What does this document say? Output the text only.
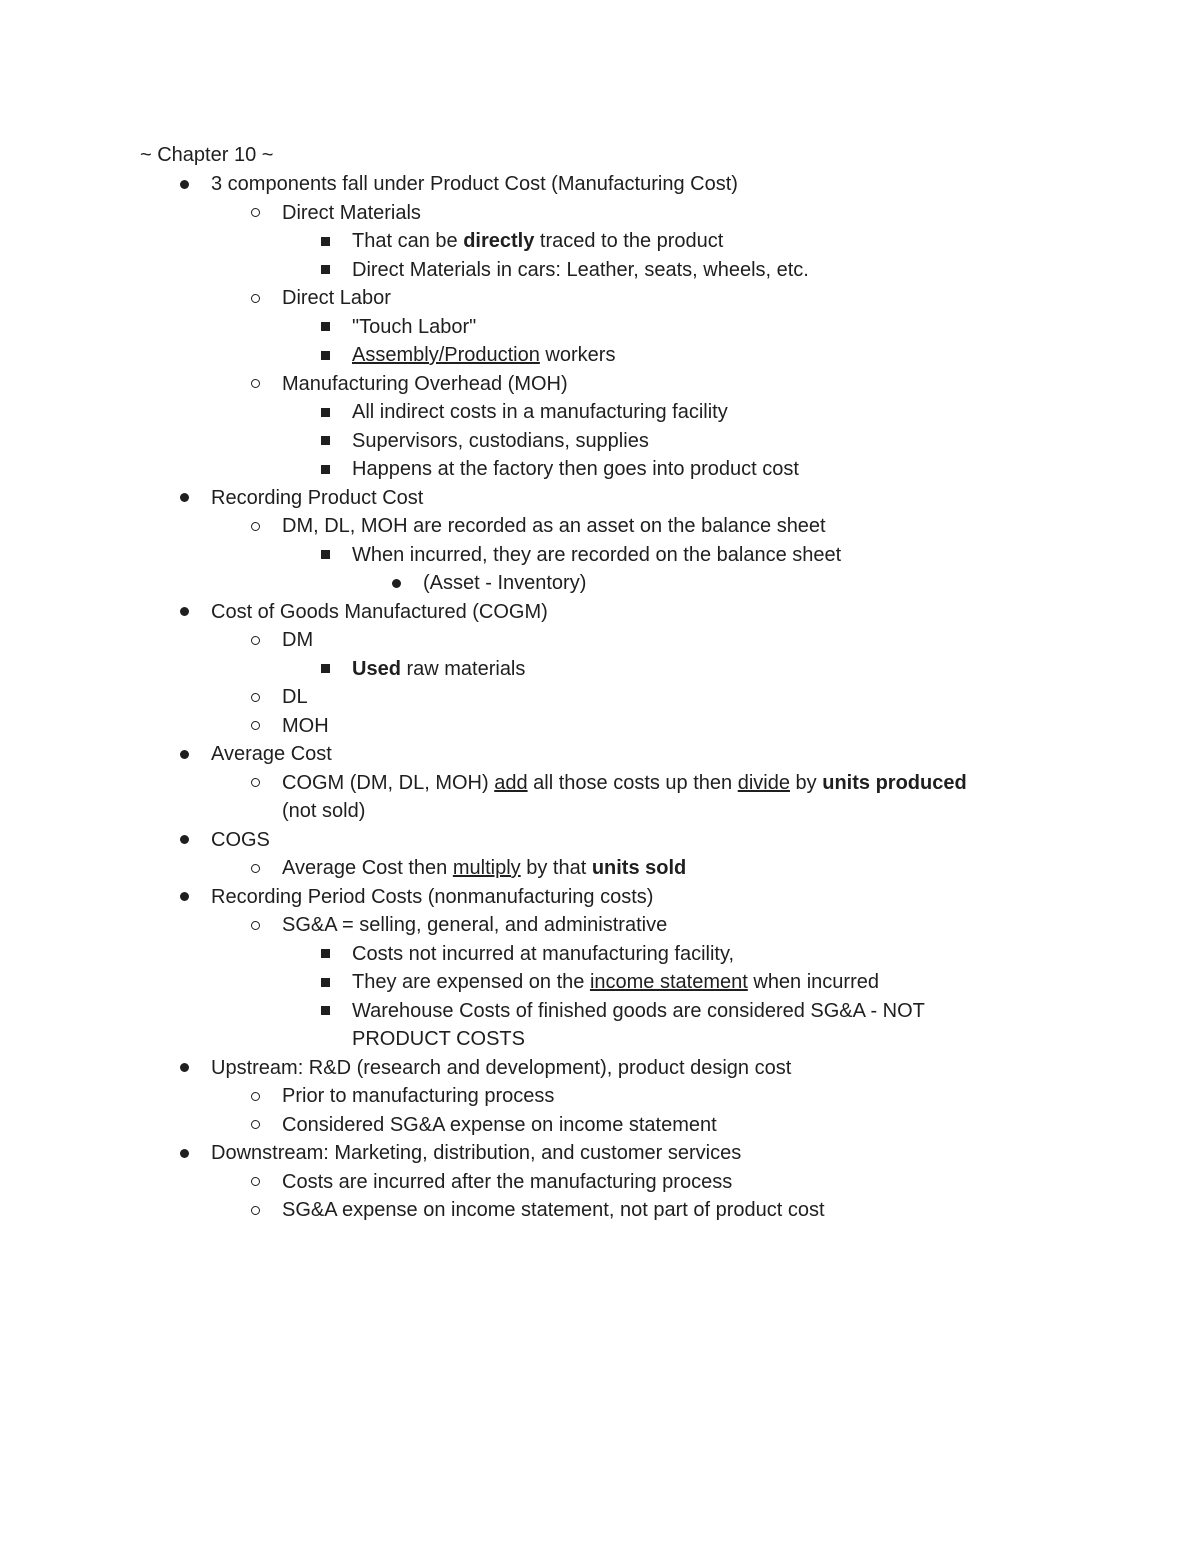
~ Chapter 10 ~
3 components fall under Product Cost (Manufacturing Cost)
Direct Materials
That can be directly traced to the product
Direct Materials in cars: Leather, seats, wheels, etc.
Direct Labor
"Touch Labor"
Assembly/Production workers
Manufacturing Overhead (MOH)
All indirect costs in a manufacturing facility
Supervisors, custodians, supplies
Happens at the factory then goes into product cost
Recording Product Cost
DM, DL, MOH are recorded as an asset on the balance sheet
When incurred, they are recorded on the balance sheet
(Asset - Inventory)
Cost of Goods Manufactured (COGM)
DM
Used raw materials
DL
MOH
Average Cost
COGM (DM, DL, MOH) add all those costs up then divide by units produced
(not sold)
COGS
Average Cost then multiply by that units sold
Recording Period Costs (nonmanufacturing costs)
SG&A = selling, general, and administrative
Costs not incurred at manufacturing facility,
They are expensed on the income statement when incurred
Warehouse Costs of finished goods are considered SG&A - NOT
PRODUCT COSTS
Upstream: R&D (research and development), product design cost
Prior to manufacturing process
Considered SG&A expense on income statement
Downstream: Marketing, distribution, and customer services
Costs are incurred after the manufacturing process
SG&A expense on income statement, not part of product cost
